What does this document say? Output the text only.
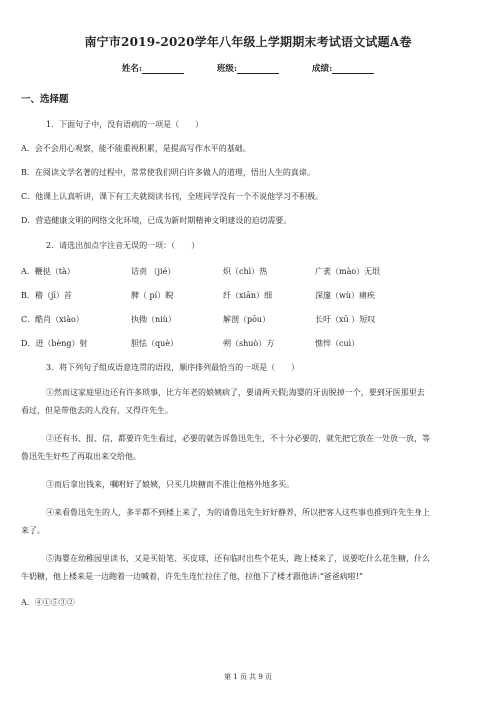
南宁市2019-2020学年八年级上学期期末考试语文试题A卷
姓名:	班级:	成绩:
一、选择题
1．下面句子中，没有语病的一项是（　　）
A．会不会用心观察，能不能重视积累，是提高写作水平的基础。
B．在阅读文学名著的过程中，常常使我们明白许多做人的道理，悟出人生的真谛。
C．他课上认真听讲，课下有工夫就阅读书刊，全班同学没有一个不说他学习不积极。
D．营造健康文明的网络文化环境，已成为新时期精神文明建设的迫切需要。
2．请选出加点字注音无误的一项：（　　）
A．鞭挞（tà）	诘责 （jié）	炽（chì）热	广袤（mào）无垠
B．稽（jī）首	脾（ pí）睨	纤（xiān）细	深邃（wù）痛疾
C．酷肖（xiào）	执拗（niù）	解剖（pōu）	长吁（xū ）短叹
D．迸（bèng）射	胆怯（què）	朔（shuò）方	憔悴（cuì）
3．将下列句子组成语意连贯的语段，顺序排列最恰当的一项是（　　）
①然而这家庭里边还有许多琐事，比方年老的娘姨病了，要请两天假;海婴的牙齿脱掉一个，要到牙医那里去
看过，但是带他去的人没有，又得许先生。
②还有书、报、信，都要许先生看过，必要的就告诉鲁迅先生，不十分必要的，就先把它放在一处放一放，等
鲁迅先生好些了再取出来交给他。
③而后拿出钱来，嘱咐好了娘姨，只买几块糖而不准让他格外地多买。
④来看鲁迅先生的人，多半都不到楼上来了，为的请鲁迅先生好好静养，所以把客人这些事也推到许先生身上
来了。
⑤海婴在幼稚园里读书，又是买铅笔、买皮球，还有临时出些个花头，跑上楼来了，说要吃什么花生糖，什么
牛奶糖，他上楼来是一边跑着一边喊着，许先生连忙拉住了他，拉他下了楼才跟他讲:“爸爸病啦!”
A．④①⑤③②
第 1 页 共 9 页
